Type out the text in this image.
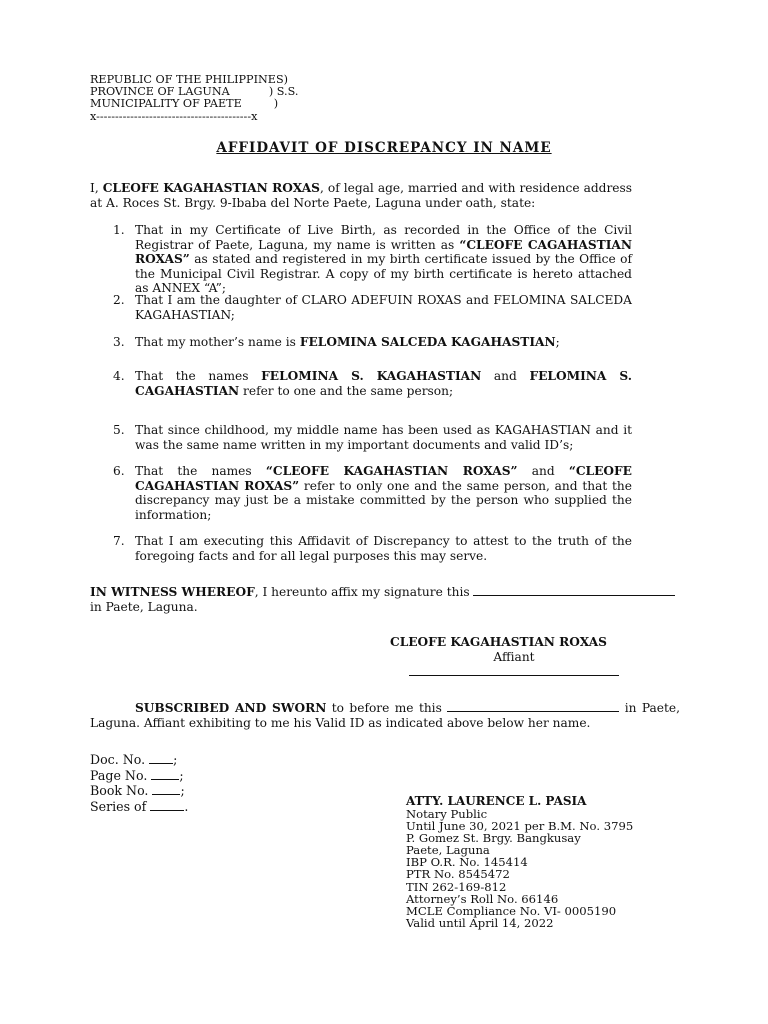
REPUBLIC OF THE PHILIPPINES)
PROVINCE OF LAGUNA           ) S.S.
MUNICIPALITY OF PAETE         )
x-----------------------------------------x
AFFIDAVIT OF DISCREPANCY IN NAME
I, CLEOFE KAGAHASTIAN ROXAS, of legal age, married and with residence address at A. Roces St. Brgy. 9-Ibaba del Norte Paete, Laguna under oath, state:
1. That in my Certificate of Live Birth, as recorded in the Office of the Civil Registrar of Paete, Laguna, my name is written as “CLEOFE CAGAHASTIAN ROXAS” as stated and registered in my birth certificate issued by the Office of the Municipal Civil Registrar. A copy of my birth certificate is hereto attached as ANNEX “A”;
2. That I am the daughter of CLARO ADEFUIN ROXAS and FELOMINA SALCEDA KAGAHASTIAN;
3. That my mother’s name is FELOMINA SALCEDA KAGAHASTIAN;
4. That the names FELOMINA S. KAGAHASTIAN and FELOMINA S. CAGAHASTIAN refer to one and the same person;
5. That since childhood, my middle name has been used as KAGAHASTIAN and it was the same name written in my important documents and valid ID’s;
6. That the names “CLEOFE KAGAHASTIAN ROXAS” and “CLEOFE CAGAHASTIAN ROXAS” refer to only one and the same person, and that the discrepancy may just be a mistake committed by the person who supplied the information;
7. That I am executing this Affidavit of Discrepancy to attest to the truth of the foregoing facts and for all legal purposes this may serve.
IN WITNESS WHEREOF, I hereunto affix my signature this
in Paete, Laguna.
CLEOFE KAGAHASTIAN ROXAS
Affiant
SUBSCRIBED AND SWORN to before me this	in Paete, Laguna. Affiant exhibiting to me his Valid ID as indicated above below her name.
Doc. No. ;
Page No.	;
Book No.	;
Series of	.	ATTY. LAURENCE L. PASIA
Notary Public
Until June 30, 2021 per B.M. No. 3795
P. Gomez St. Brgy. Bangkusay
Paete, Laguna
IBP O.R. No. 145414
PTR No. 8545472
TIN 262-169-812
Attorney’s Roll No. 66146
MCLE Compliance No. VI- 0005190
Valid until April 14, 2022
